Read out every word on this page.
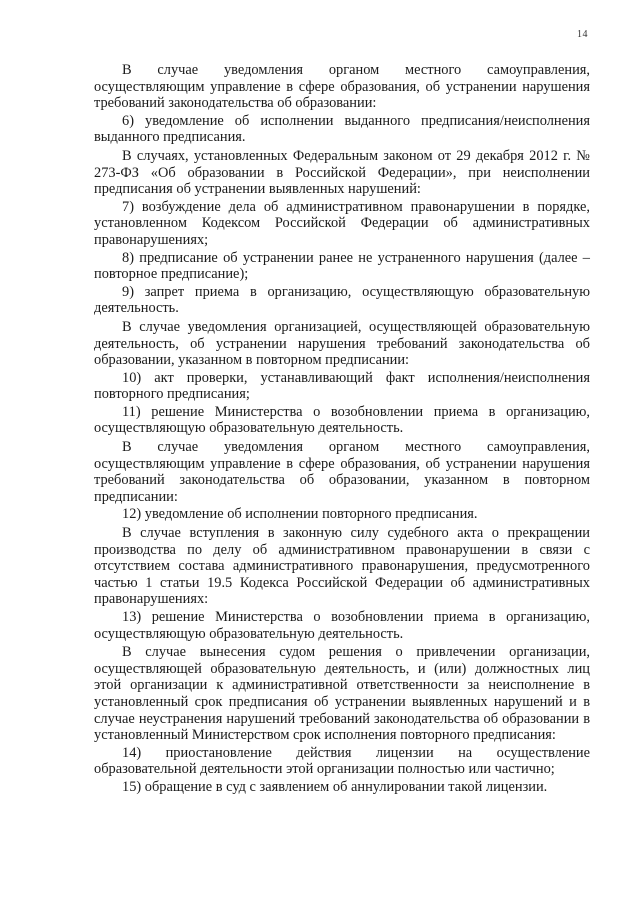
14

В случае уведомления органом местного самоуправления, осуществляющим управление в сфере образования, об устранении нарушения требований законодательства об образовании:

6) уведомление об исполнении выданного предписания/неисполнения выданного предписания.

В случаях, установленных Федеральным законом от 29 декабря 2012 г. № 273-ФЗ «Об образовании в Российской Федерации», при неисполнении предписания об устранении выявленных нарушений:

7) возбуждение дела об административном правонарушении в порядке, установленном Кодексом Российской Федерации об административных правонарушениях;

8) предписание об устранении ранее не устраненного нарушения (далее – повторное предписание);

9) запрет приема в организацию, осуществляющую образовательную деятельность.

В случае уведомления организацией, осуществляющей образовательную деятельность, об устранении нарушения требований законодательства об образовании, указанном в повторном предписании:

10) акт проверки, устанавливающий факт исполнения/неисполнения повторного предписания;

11) решение Министерства о возобновлении приема в организацию, осуществляющую образовательную деятельность.

В случае уведомления органом местного самоуправления, осуществляющим управление в сфере образования, об устранении нарушения требований законодательства об образовании, указанном в повторном предписании:

12) уведомление об исполнении повторного предписания.

В случае вступления в законную силу судебного акта о прекращении производства по делу об административном правонарушении в связи с отсутствием состава административного правонарушения, предусмотренного частью 1 статьи 19.5 Кодекса Российской Федерации об административных правонарушениях:

13) решение Министерства о возобновлении приема в организацию, осуществляющую образовательную деятельность.

В случае вынесения судом решения о привлечении организации, осуществляющей образовательную деятельность, и (или) должностных лиц этой организации к административной ответственности за неисполнение в установленный срок предписания об устранении выявленных нарушений и в случае неустранения нарушений требований законодательства об образовании в установленный Министерством срок исполнения повторного предписания:

14) приостановление действия лицензии на осуществление образовательной деятельности этой организации полностью или частично;

15) обращение в суд с заявлением об аннулировании такой лицензии.
